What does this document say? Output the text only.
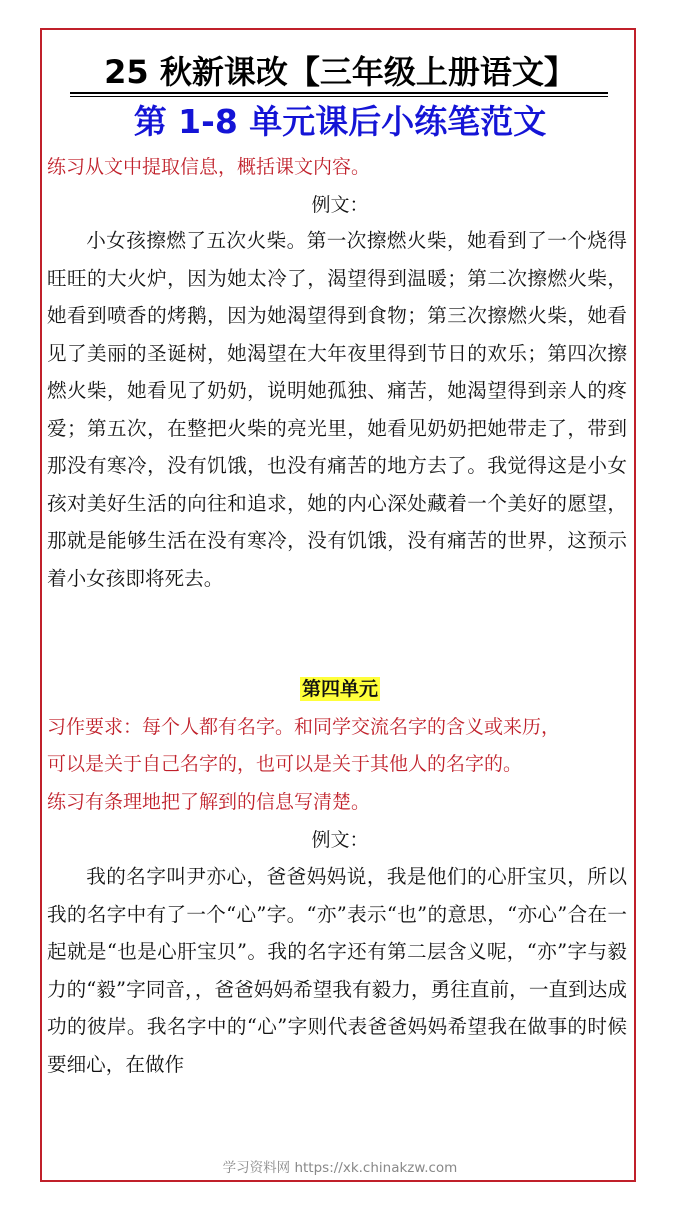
25 秋新课改【三年级上册语文】
第 1-8 单元课后小练笔范文
练习从文中提取信息，概括课文内容。
例文：
小女孩擦燃了五次火柴。第一次擦燃火柴，她看到了一个烧得旺旺的大火炉，因为她太冷了，渴望得到温暖；第二次擦燃火柴，她看到喷香的烤鹅，因为她渴望得到食物；第三次擦燃火柴，她看见了美丽的圣诞树，她渴望在大年夜里得到节日的欢乐；第四次擦燃火柴，她看见了奶奶，说明她孤独、痛苦，她渴望得到亲人的疼爱；第五次，在整把火柴的亮光里，她看见奶奶把她带走了，带到那没有寒冷，没有饥饿，也没有痛苦的地方去了。我觉得这是小女孩对美好生活的向往和追求，她的内心深处藏着一个美好的愿望，那就是能够生活在没有寒冷，没有饥饿，没有痛苦的世界，这预示着小女孩即将死去。
第四单元
习作要求：每个人都有名字。和同学交流名字的含义或来历，
可以是关于自己名字的，也可以是关于其他人的名字的。
练习有条理地把了解到的信息写清楚。
例文：
我的名字叫尹亦心，爸爸妈妈说，我是他们的心肝宝贝，所以我的名字中有了一个“心”字。“亦”表示“也”的意思，“亦心”合在一起就是“也是心肝宝贝”。我的名字还有第二层含义呢，“亦”字与毅力的“毅”字同音，，爸爸妈妈希望我有毅力，勇往直前，一直到达成功的彼岸。我名字中的“心”字则代表爸爸妈妈希望我在做事的时候要细心，在做作
学习资料网 https://xk.chinakzw.com
